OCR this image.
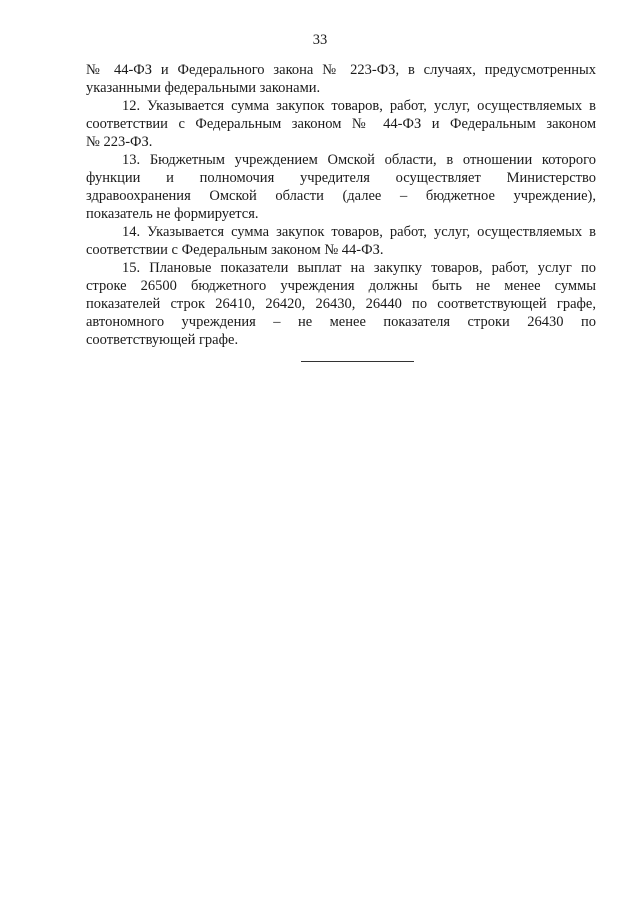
33
№ 44-ФЗ и Федерального закона № 223-ФЗ, в случаях, предусмотренных
указанными федеральными законами.
12. Указывается сумма закупок товаров, работ, услуг, осуществляемых в
соответствии с Федеральным законом № 44-ФЗ и Федеральным законом
№ 223-ФЗ.
13. Бюджетным учреждением Омской области, в отношении которого
функции и полномочия учредителя осуществляет Министерство
здравоохранения Омской области (далее – бюджетное учреждение),
показатель не формируется.
14. Указывается сумма закупок товаров, работ, услуг, осуществляемых в
соответствии с Федеральным законом № 44-ФЗ.
15. Плановые показатели выплат на закупку товаров, работ, услуг по
строке 26500 бюджетного учреждения должны быть не менее суммы
показателей строк 26410, 26420, 26430, 26440 по соответствующей графе,
автономного учреждения – не менее показателя строки 26430 по
соответствующей графе.
